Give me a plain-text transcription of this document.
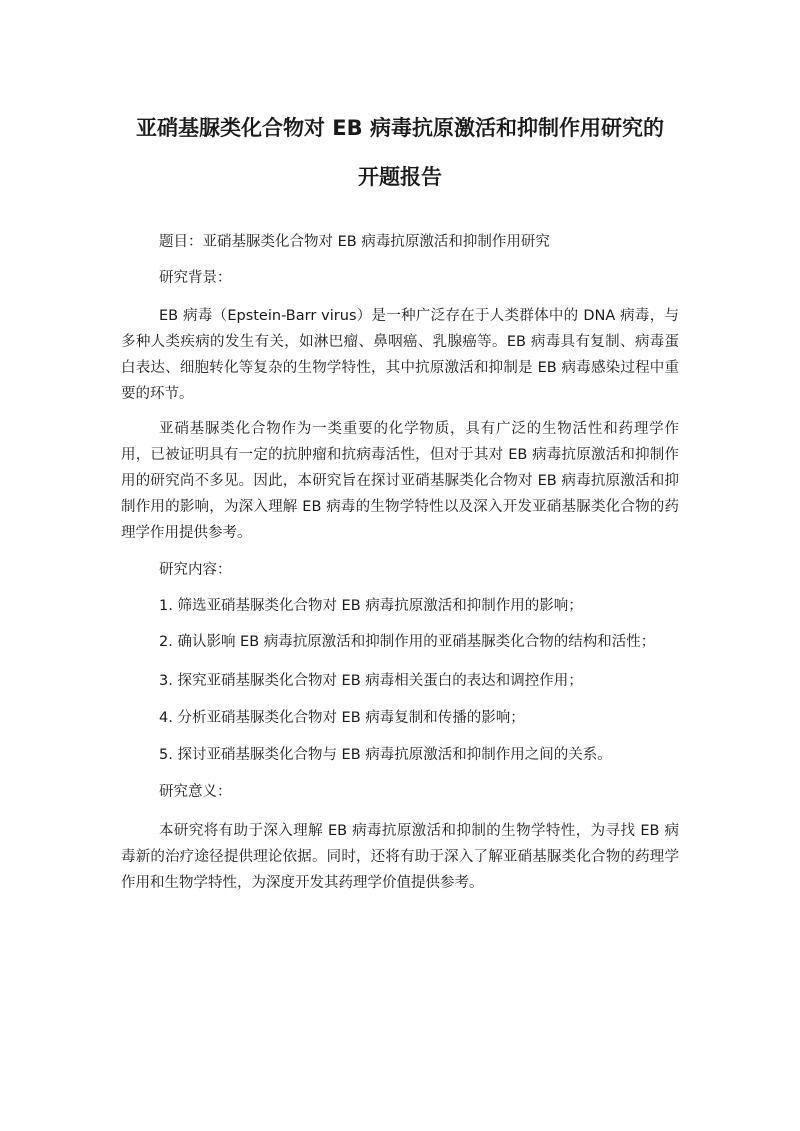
亚硝基脲类化合物对 EB 病毒抗原激活和抑制作用研究的
开题报告

题目：亚硝基脲类化合物对 EB 病毒抗原激活和抑制作用研究

研究背景：

EB 病毒（Epstein-Barr virus）是一种广泛存在于人类群体中的 DNA 病毒，与多种人类疾病的发生有关，如淋巴瘤、鼻咽癌、乳腺癌等。EB 病毒具有复制、病毒蛋白表达、细胞转化等复杂的生物学特性，其中抗原激活和抑制是 EB 病毒感染过程中重要的环节。

亚硝基脲类化合物作为一类重要的化学物质，具有广泛的生物活性和药理学作用，已被证明具有一定的抗肿瘤和抗病毒活性，但对于其对 EB 病毒抗原激活和抑制作用的研究尚不多见。因此，本研究旨在探讨亚硝基脲类化合物对 EB 病毒抗原激活和抑制作用的影响，为深入理解 EB 病毒的生物学特性以及深入开发亚硝基脲类化合物的药理学作用提供参考。

研究内容：

1. 筛选亚硝基脲类化合物对 EB 病毒抗原激活和抑制作用的影响；

2. 确认影响 EB 病毒抗原激活和抑制作用的亚硝基脲类化合物的结构和活性；

3. 探究亚硝基脲类化合物对 EB 病毒相关蛋白的表达和调控作用；

4. 分析亚硝基脲类化合物对 EB 病毒复制和传播的影响；

5. 探讨亚硝基脲类化合物与 EB 病毒抗原激活和抑制作用之间的关系。

研究意义：

本研究将有助于深入理解 EB 病毒抗原激活和抑制的生物学特性，为寻找 EB 病毒新的治疗途径提供理论依据。同时，还将有助于深入了解亚硝基脲类化合物的药理学作用和生物学特性，为深度开发其药理学价值提供参考。
